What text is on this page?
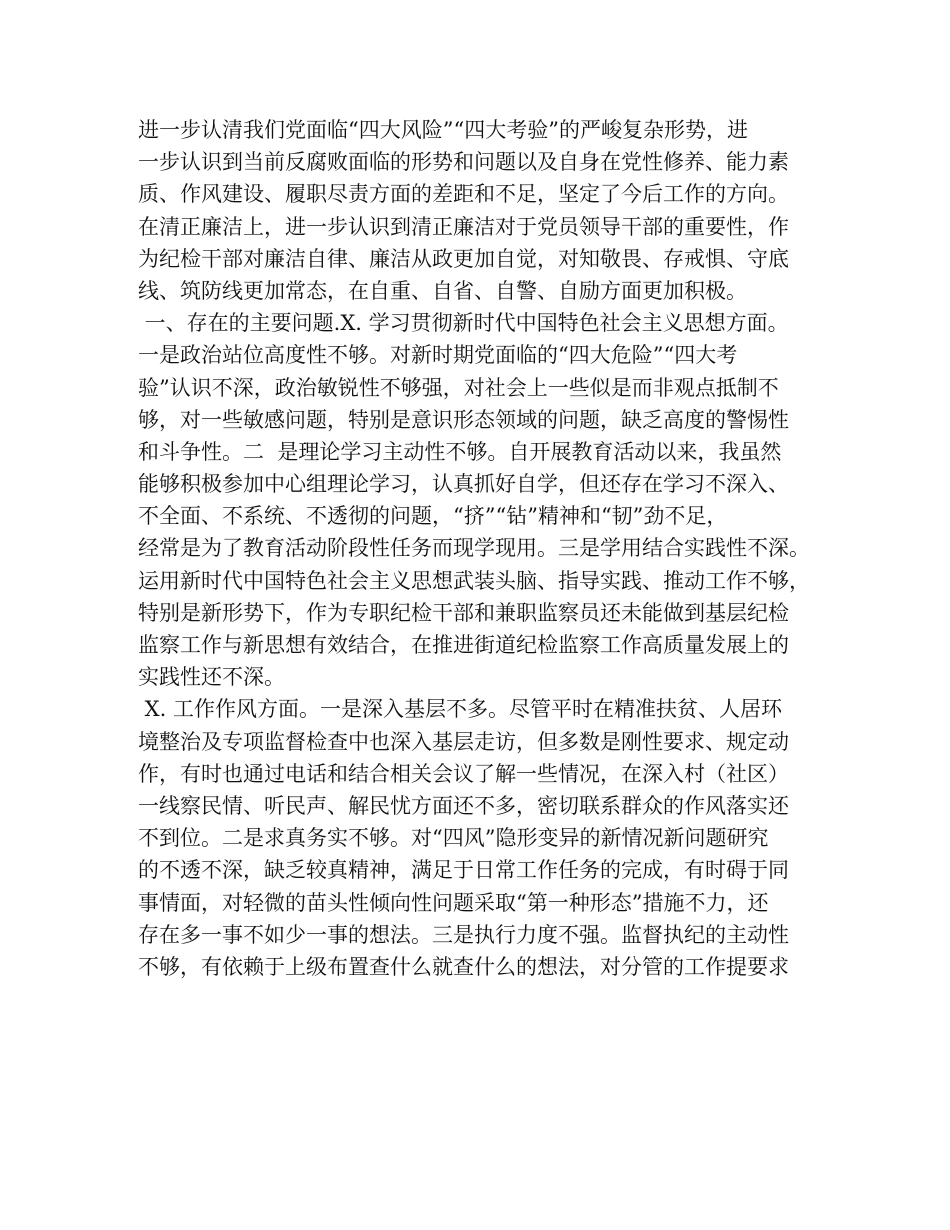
进一步认清我们党面临“四大风险”“四大考验”的严峻复杂形势，进
一步认识到当前反腐败面临的形势和问题以及自身在党性修养、能力素
质、作风建设、履职尽责方面的差距和不足，坚定了今后工作的方向。
在清正廉洁上，进一步认识到清正廉洁对于党员领导干部的重要性，作
为纪检干部对廉洁自律、廉洁从政更加自觉，对知敬畏、存戒惧、守底
线、筑防线更加常态，在自重、自省、自警、自励方面更加积极。
一、存在的主要问题.X. 学习贯彻新时代中国特色社会主义思想方面。
一是政治站位高度性不够。对新时期党面临的“四大危险”“四大考
验”认识不深，政治敏锐性不够强，对社会上一些似是而非观点抵制不
够，对一些敏感问题，特别是意识形态领域的问题，缺乏高度的警惕性
和斗争性。二  是理论学习主动性不够。自开展教育活动以来，我虽然
能够积极参加中心组理论学习，认真抓好自学，但还存在学习不深入、
不全面、不系统、不透彻的问题，“挤”“钻”精神和“韧”劲不足，
经常是为了教育活动阶段性任务而现学现用。三是学用结合实践性不深。
运用新时代中国特色社会主义思想武装头脑、指导实践、推动工作不够，
特别是新形势下，作为专职纪检干部和兼职监察员还未能做到基层纪检
监察工作与新思想有效结合，在推进街道纪检监察工作高质量发展上的
实践性还不深。
X. 工作作风方面。一是深入基层不多。尽管平时在精准扶贫、人居环
境整治及专项监督检查中也深入基层走访，但多数是刚性要求、规定动
作，有时也通过电话和结合相关会议了解一些情况，在深入村（社区）
一线察民情、听民声、解民忧方面还不多，密切联系群众的作风落实还
不到位。二是求真务实不够。对“四风”隐形变异的新情况新问题研究
的不透不深，缺乏较真精神，满足于日常工作任务的完成，有时碍于同
事情面，对轻微的苗头性倾向性问题采取“第一种形态”措施不力，还
存在多一事不如少一事的想法。三是执行力度不强。监督执纪的主动性
不够，有依赖于上级布置查什么就查什么的想法，对分管的工作提要求
